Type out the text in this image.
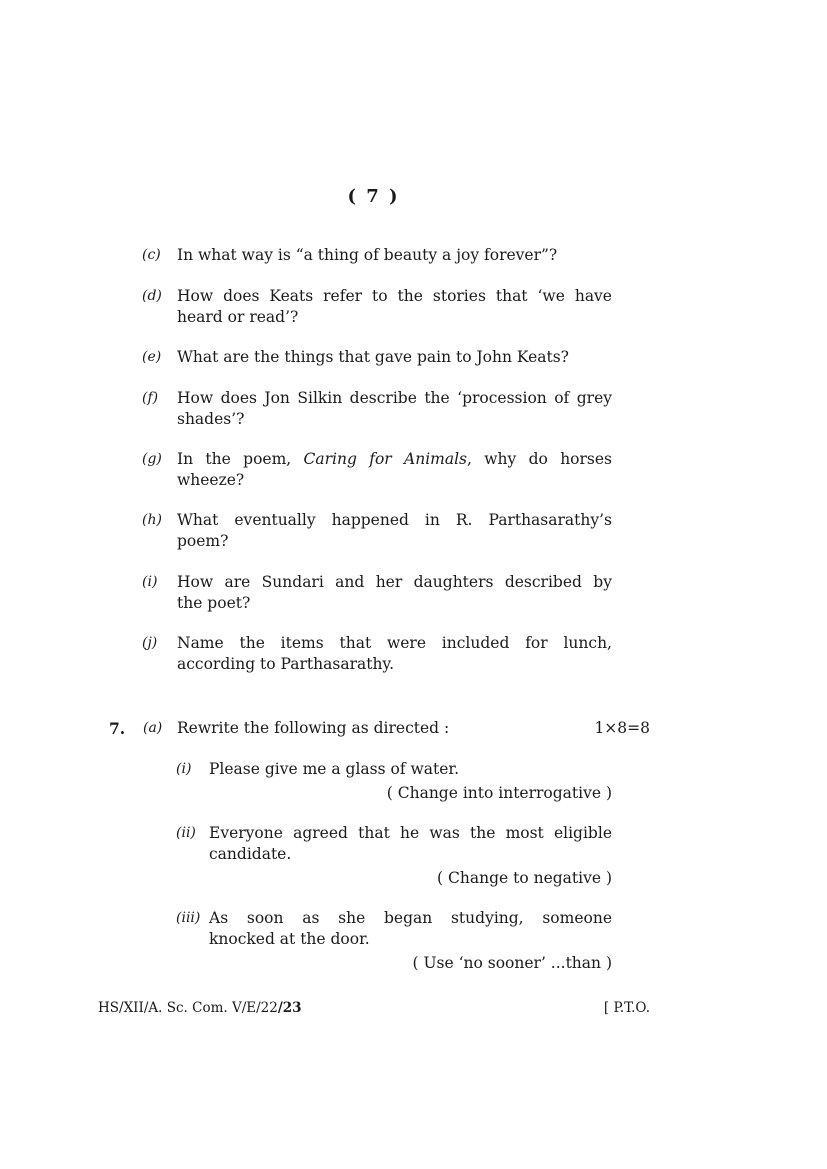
( 7 )
(c) In what way is “a thing of beauty a joy forever”?
(d) How does Keats refer to the stories that ‘we have
heard or read’?
(e) What are the things that gave pain to John Keats?
(f) How does Jon Silkin describe the ‘procession of grey
shades’?
(g) In the poem, Caring for Animals, why do horses
wheeze?
(h) What eventually happened in R. Parthasarathy’s
poem?
(i) How are Sundari and her daughters described by
the poet?
(j) Name the items that were included for lunch,
according to Parthasarathy.
7. (a) Rewrite the following as directed :	1×8=8
(i) Please give me a glass of water.
( Change into interrogative )
(ii) Everyone agreed that he was the most eligible
candidate.
( Change to negative )
(iii) As soon as she began studying, someone
knocked at the door.
( Use ‘no sooner’ ...than )
HS/XII/A. Sc. Com. V/E/22/23	[ P.T.O.
